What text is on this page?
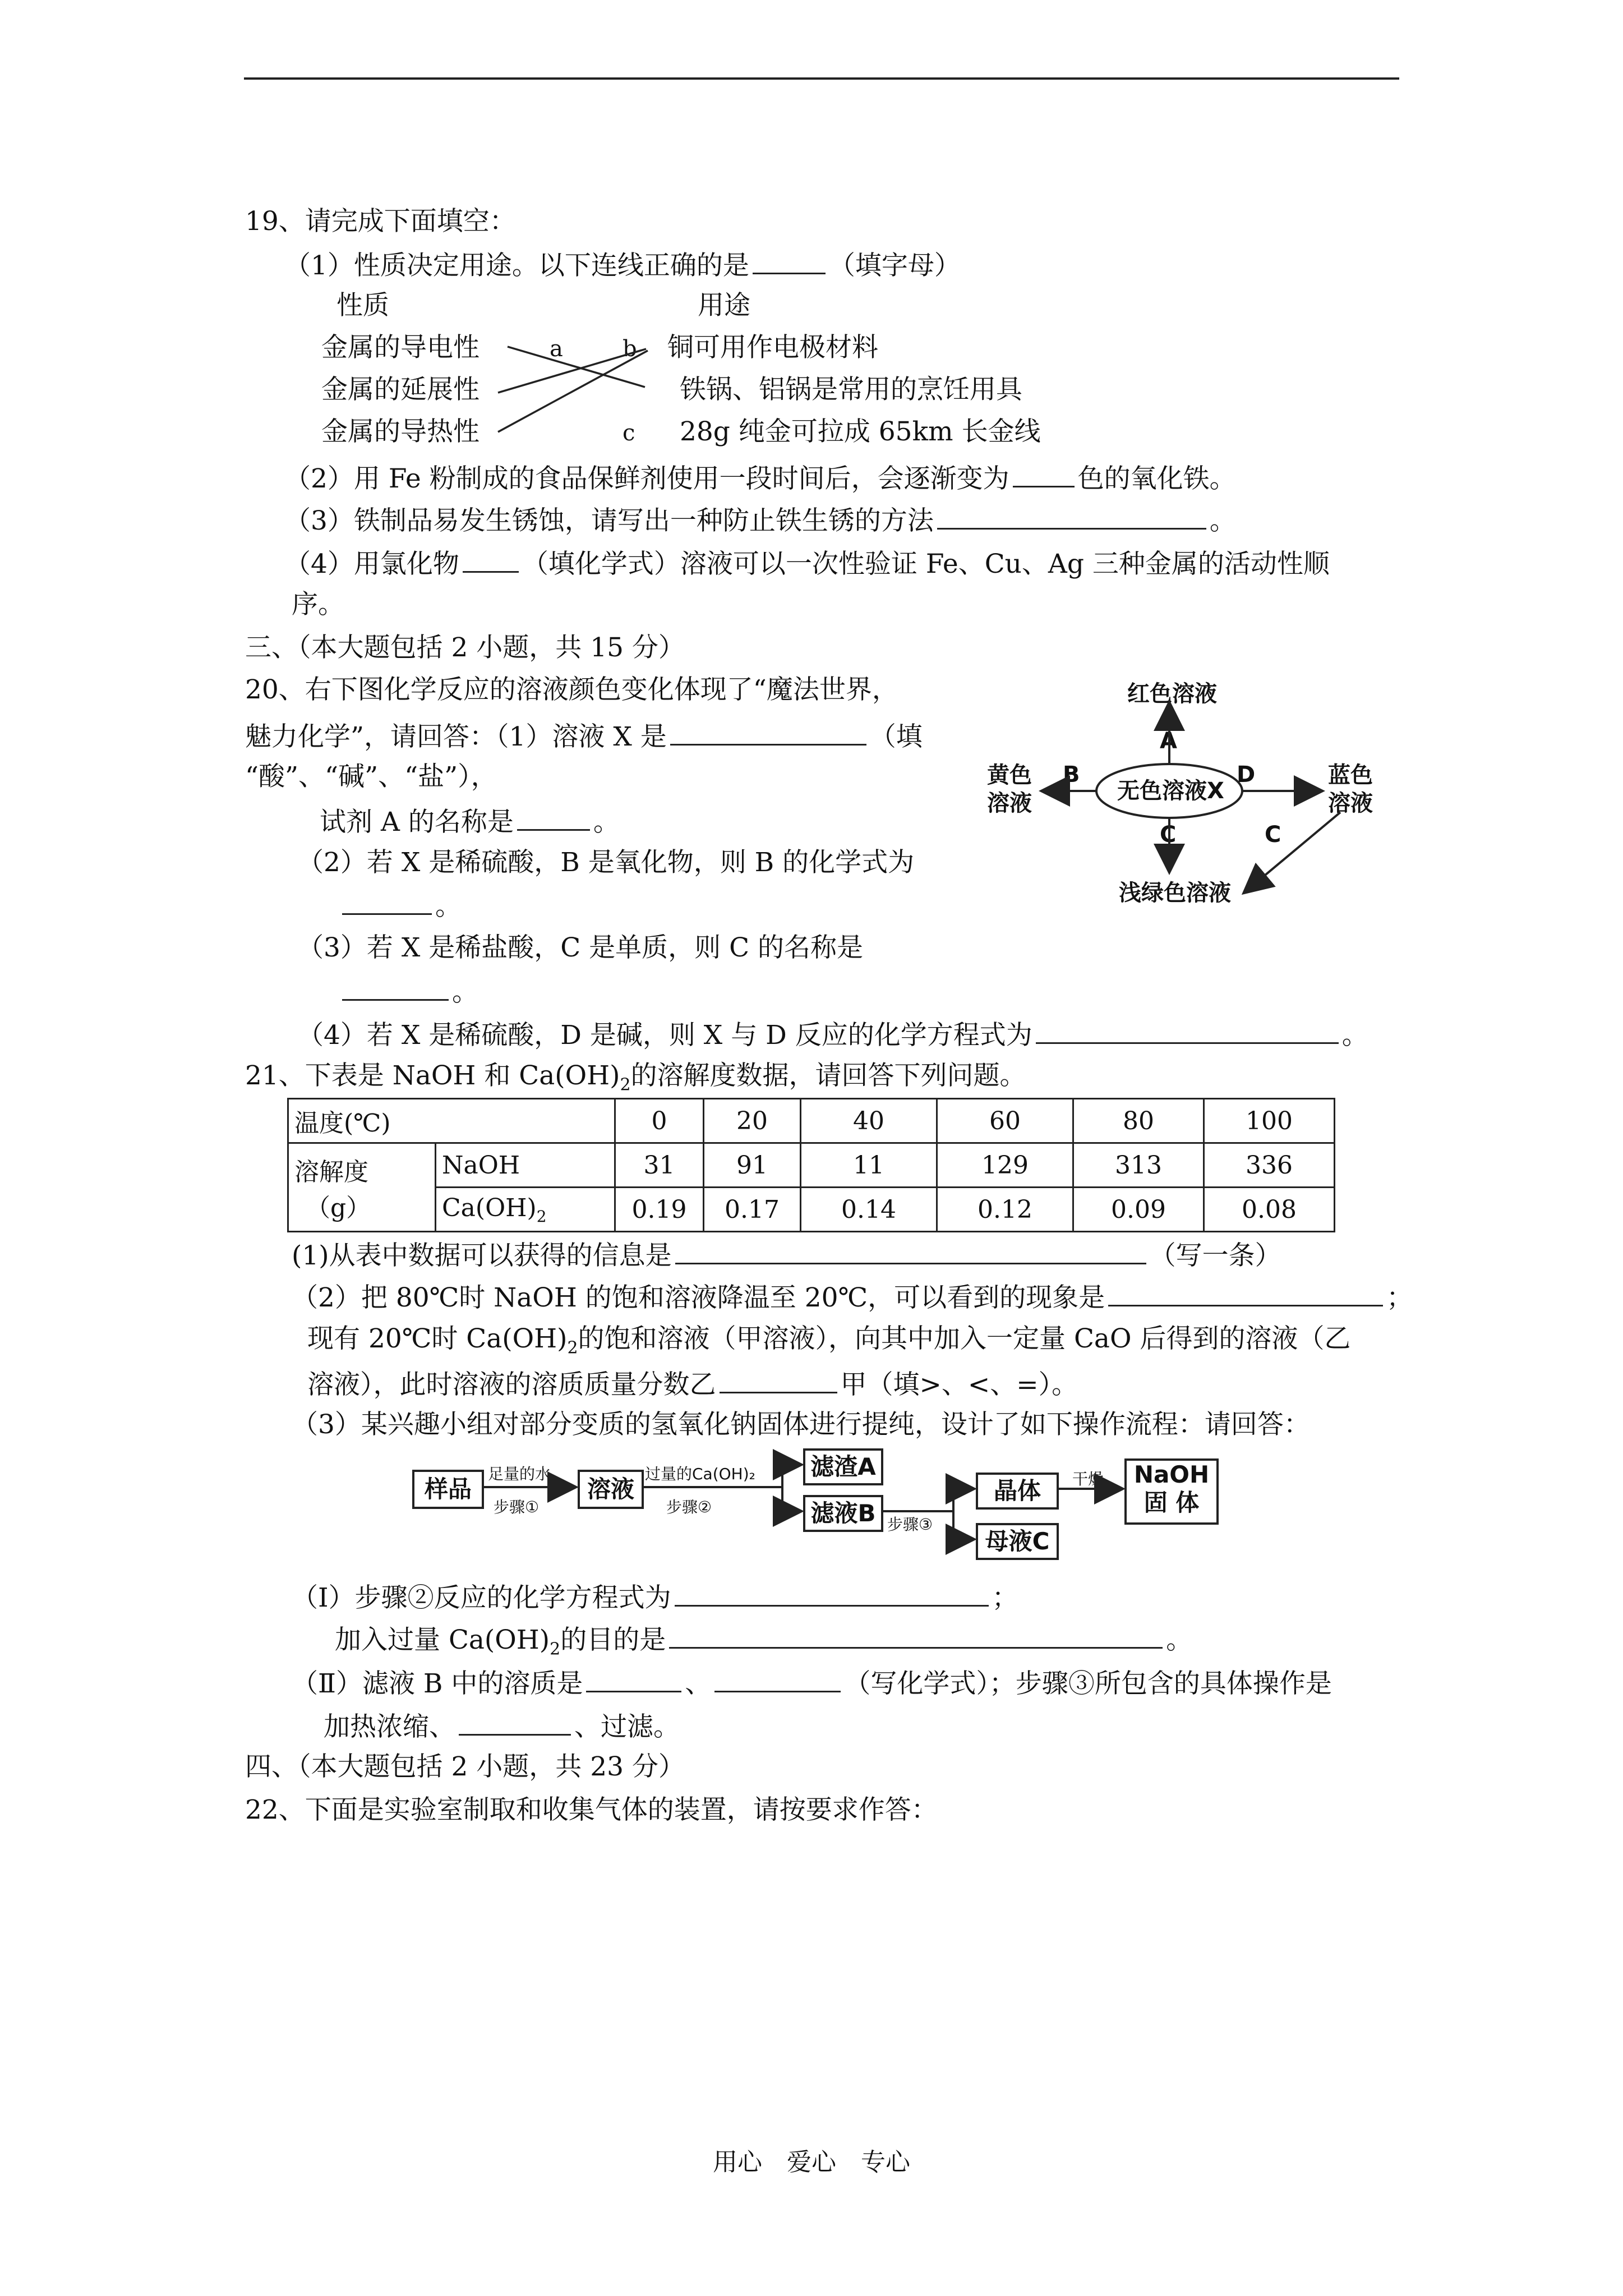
19、请完成下面填空：
（1）性质决定用途。以下连线正确的是	（填字母）
性质	用途
金属的导电性
金属的延展性
金属的导热性
铜可用作电极材料
铁锅、铝锅是常用的烹饪用具
28g 纯金可拉成 65km 长金线
a	b
c
（2）用 Fe 粉制成的食品保鲜剂使用一段时间后，会逐渐变为	色的氧化铁。
（3）铁制品易发生锈蚀，请写出一种防止铁生锈的方法	。
（4）用氯化物 （填化学式）溶液可以一次性验证 Fe、Cu、Ag 三种金属的活动性顺
序。
三、（本大题包括 2 小题，共 15 分）
20、右下图化学反应的溶液颜色变化体现了“魔法世界，
魅力化学”，请回答：（1）溶液 X 是	（填
“酸”、“碱”、“盐”），
试剂 A 的名称是	。
（2）若 X 是稀硫酸，B 是氧化物，则 B 的化学式为
。
（3）若 X 是稀盐酸，C 是单质，则 C 的名称是
。
（4）若 X 是稀硫酸，D 是碱，则 X 与 D 反应的化学方程式为	。
红色溶液
A
黄色
溶液
B
无色溶液X
D	蓝色
溶液
C	C
浅绿色溶液
21、下表是 NaOH 和 $Ca(OH)_2$的溶解度数据，请回答下列问题。
温度(℃)		0	20	40	60	80	100

溶解度
（g）	NaOH	31	91	11	129	313	336
	$Ca(OH)_2$	0.19	0.17	0.14	0.12	0.09	0.08
(1)从表中数据可以获得的信息是	（写一条）
（2）把 80℃时 NaOH 的饱和溶液降温至 20℃，可以看到的现象是	；
现有 20℃时 $Ca(OH)_2$的饱和溶液（甲溶液），向其中加入一定量 CaO 后得到的溶液（乙
溶液），此时溶液的溶质质量分数乙	甲（填>、<、=）。
（3）某兴趣小组对部分变质的氢氧化钠固体进行提纯，设计了如下操作流程：请回答：
样品
足量的水
步骤①
溶液
过量的Ca(OH)₂
步骤②
滤渣A
滤液B 步骤③
晶体	干燥	NaOH
固 体
母液C
（Ⅰ）步骤②反应的化学方程式为	；
加入过量 $Ca(OH)_2$的目的是	。
（Ⅱ）滤液 B 中的溶质是	、	（写化学式）；步骤③所包含的具体操作是
加热浓缩、	、过滤。
四、（本大题包括 2 小题，共 23 分）
22、下面是实验室制取和收集气体的装置，请按要求作答：
用心　爱心　专心
